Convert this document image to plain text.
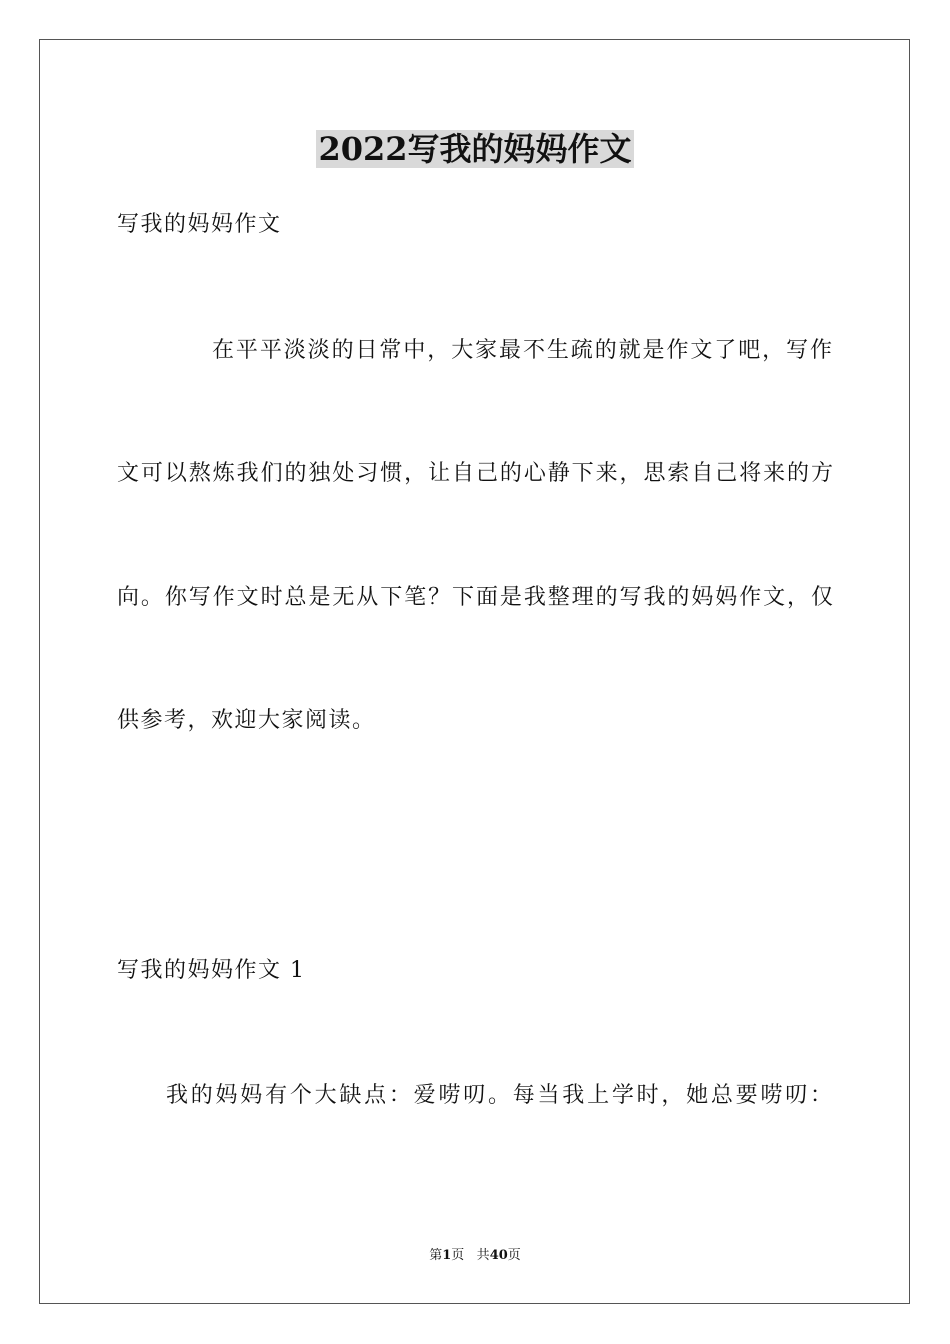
2022写我的妈妈作文
写我的妈妈作文
在平平淡淡的日常中，大家最不生疏的就是作文了吧，写作
文可以熬炼我们的独处习惯，让自己的心静下来，思索自己将来的方
向。你写作文时总是无从下笔？下面是我整理的写我的妈妈作文，仅
供参考，欢迎大家阅读。
写我的妈妈作文 1
我的妈妈有个大缺点：爱唠叨。每当我上学时，她总要唠叨：
第1页 共40页
